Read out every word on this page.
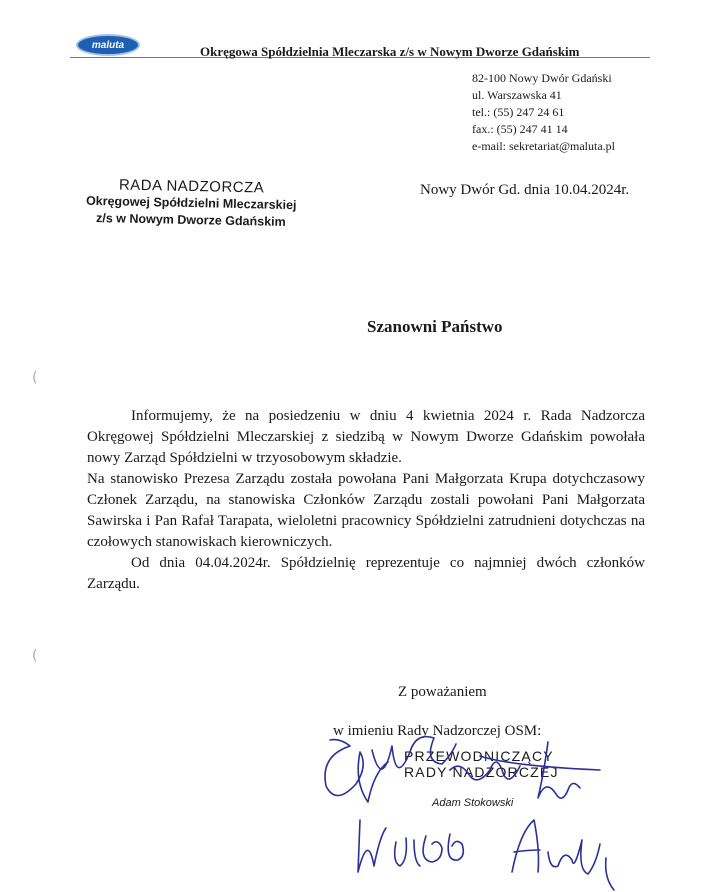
maluta	Okręgowa Spółdzielnia Mleczarska z/s w Nowym Dworze Gdańskim
82-100 Nowy Dwór Gdański
ul. Warszawska 41
tel.: (55) 247 24 61
fax.: (55) 247 41 14
e-mail: sekretariat@maluta.pl
RADA NADZORCZA
Okręgowej Spółdzielni Mleczarskiej
z/s w Nowym Dworze Gdańskim
Nowy Dwór Gd. dnia 10.04.2024r.
Szanowni Państwo

Informujemy, że na posiedzeniu w dniu 4 kwietnia 2024 r. Rada Nadzorcza Okręgowej Spółdzielni Mleczarskiej z siedzibą w Nowym Dworze Gdańskim powołała nowy Zarząd Spółdzielni w trzyosobowym składzie.

Na stanowisko Prezesa Zarządu została powołana Pani Małgorzata Krupa dotychczasowy Członek Zarządu, na stanowiska Członków Zarządu zostali powołani Pani Małgorzata Sawirska i Pan Rafał Tarapata, wieloletni pracownicy Spółdzielni zatrudnieni dotychczas na czołowych stanowiskach kierowniczych.

Od dnia 04.04.2024r. Spółdzielnię reprezentuje co najmniej dwóch członków Zarządu.

Z poważaniem
w imieniu Rady Nadzorczej OSM:
PRZEWODNICZĄCY
RADY NADZORCZEJ
Adam Stokowski
(
(
